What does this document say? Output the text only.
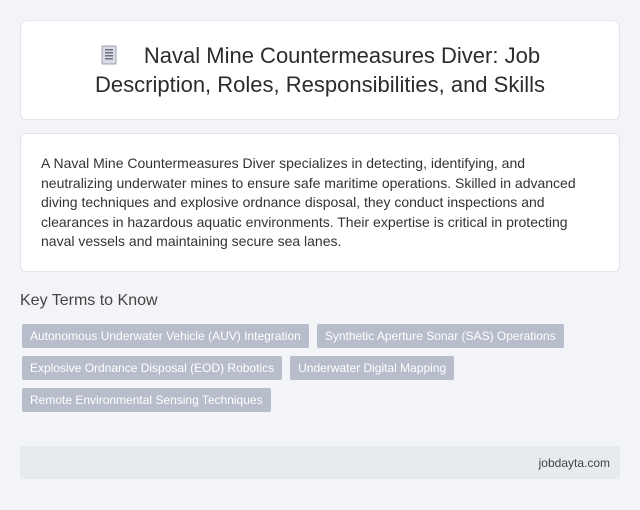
Naval Mine Countermeasures Diver: Job Description, Roles, Responsibilities, and Skills

A Naval Mine Countermeasures Diver specializes in detecting, identifying, and neutralizing underwater mines to ensure safe maritime operations. Skilled in advanced diving techniques and explosive ordnance disposal, they conduct inspections and clearances in hazardous aquatic environments. Their expertise is critical in protecting naval vessels and maintaining secure sea lanes.

Key Terms to Know
Autonomous Underwater Vehicle (AUV) Integration	Synthetic Aperture Sonar (SAS) Operations
Explosive Ordnance Disposal (EOD) Robotics	Underwater Digital Mapping
Remote Environmental Sensing Techniques
jobdayta.com
